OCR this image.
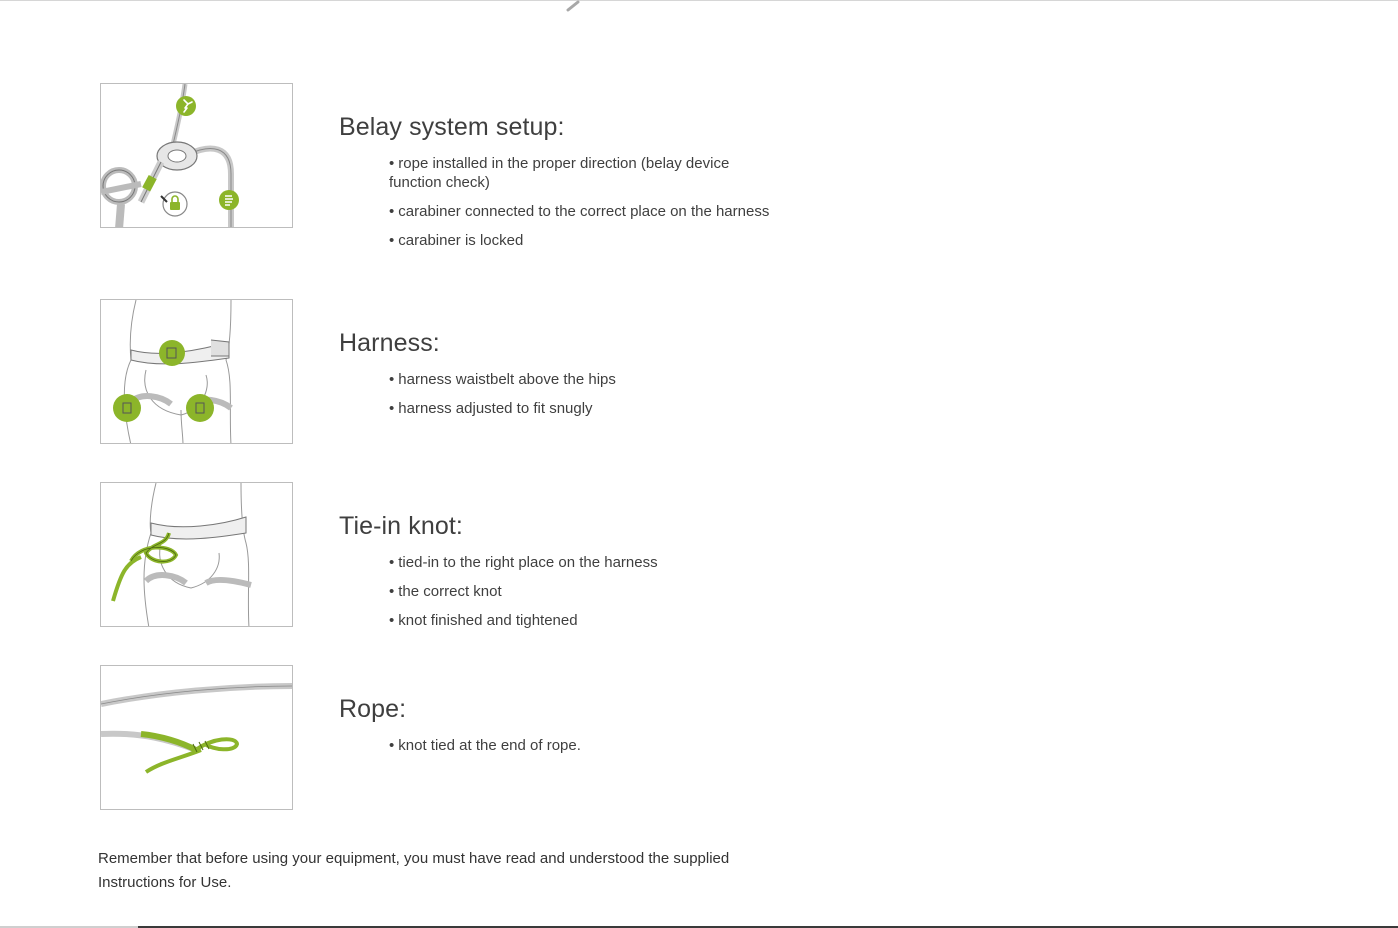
Belay system setup:
• rope installed in the proper direction (belay device function check)
• carabiner connected to the correct place on the harness
• carabiner is locked
Harness:
• harness waistbelt above the hips
• harness adjusted to fit snugly
Tie-in knot:
• tied-in to the right place on the harness
• the correct knot
• knot finished and tightened
Rope:
• knot tied at the end of rope.

Remember that before using your equipment, you must have read and understood the supplied Instructions for Use.
